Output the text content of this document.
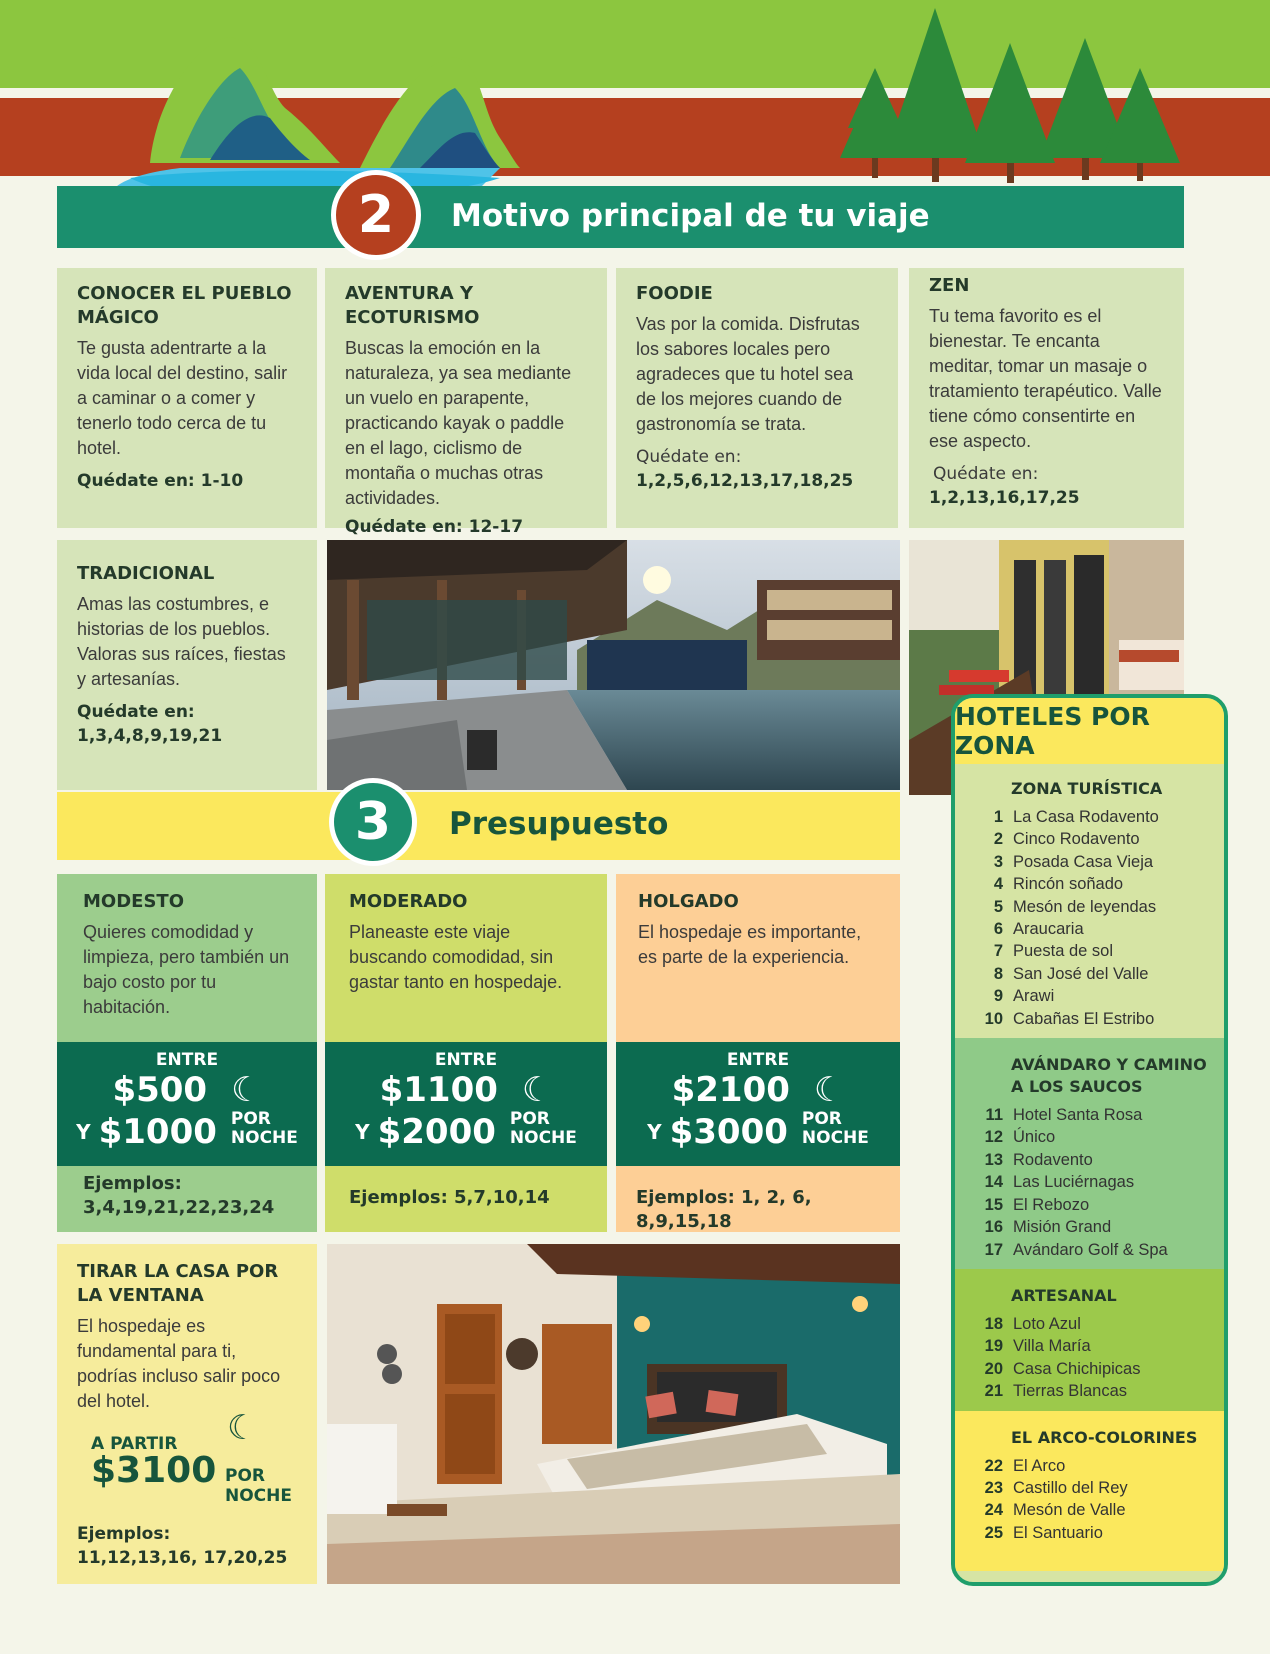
2	Motivo principal de tu viaje
CONOCER EL PUEBLO MÁGICO

Te gusta adentrarte a la vida local del destino, salir a caminar o a comer y tenerlo todo cerca de tu hotel.

Quédate en: 1-10
AVENTURA Y ECOTURISMO

Buscas la emoción en la naturaleza, ya sea mediante un vuelo en parapente, practicando kayak o paddle en el lago, ciclismo de montaña o muchas otras actividades.

Quédate en: 12-17
FOODIE

Vas por la comida. Disfrutas los sabores locales pero agradeces que tu hotel sea de los mejores cuando de gastronomía se trata.

Quédate en:
1,2,5,6,12,13,17,18,25
ZEN

Tu tema favorito es el bienestar. Te encanta meditar, tomar un masaje o tratamiento terapéutico. Valle tiene cómo consentirte en ese aspecto.

Quédate en:
1,2,13,16,17,25
TRADICIONAL

Amas las costumbres, e historias de los pueblos. Valoras sus raíces, fiestas y artesanías.

Quédate en:
1,3,4,8,9,19,21
3	Presupuesto
MODESTO

Quieres comodidad y limpieza, pero también un bajo costo por tu habitación.

ENTRE
$500 ☾
Y $1000 POR
NOCHE
Ejemplos:
3,4,19,21,22,23,24
MODERADO

Planeaste este viaje buscando comodidad, sin gastar tanto en hospedaje.

ENTRE
$1100 ☾
Y $2000 POR
NOCHE
Ejemplos: 5,7,10,14
HOLGADO

El hospedaje es importante, es parte de la experiencia.

ENTRE
$2100 ☾
Y $3000 POR
NOCHE
Ejemplos: 1, 2, 6, 8,9,15,18
TIRAR LA CASA POR LA VENTANA

El hospedaje es fundamental para ti, podrías incluso salir poco del hotel.

A PARTIR ☾
$3100 POR
NOCHE
Ejemplos:
11,12,13,16, 17,20,25
HOTELES POR ZONA
ZONA TURÍSTICA
1 La Casa Rodavento
2 Cinco Rodavento
3 Posada Casa Vieja
4 Rincón soñado
5 Mesón de leyendas
6 Araucaria
7 Puesta de sol
8 San José del Valle
9 Arawi
10 Cabañas El Estribo
AVÁNDARO Y CAMINO A LOS SAUCOS
11 Hotel Santa Rosa
12 Único
13 Rodavento
14 Las Luciérnagas
15 El Rebozo
16 Misión Grand
17 Avándaro Golf & Spa
ARTESANAL
18 Loto Azul
19 Villa María
20 Casa Chichipicas
21 Tierras Blancas
EL ARCO-COLORINES
22 El Arco
23 Castillo del Rey
24 Mesón de Valle
25 El Santuario
